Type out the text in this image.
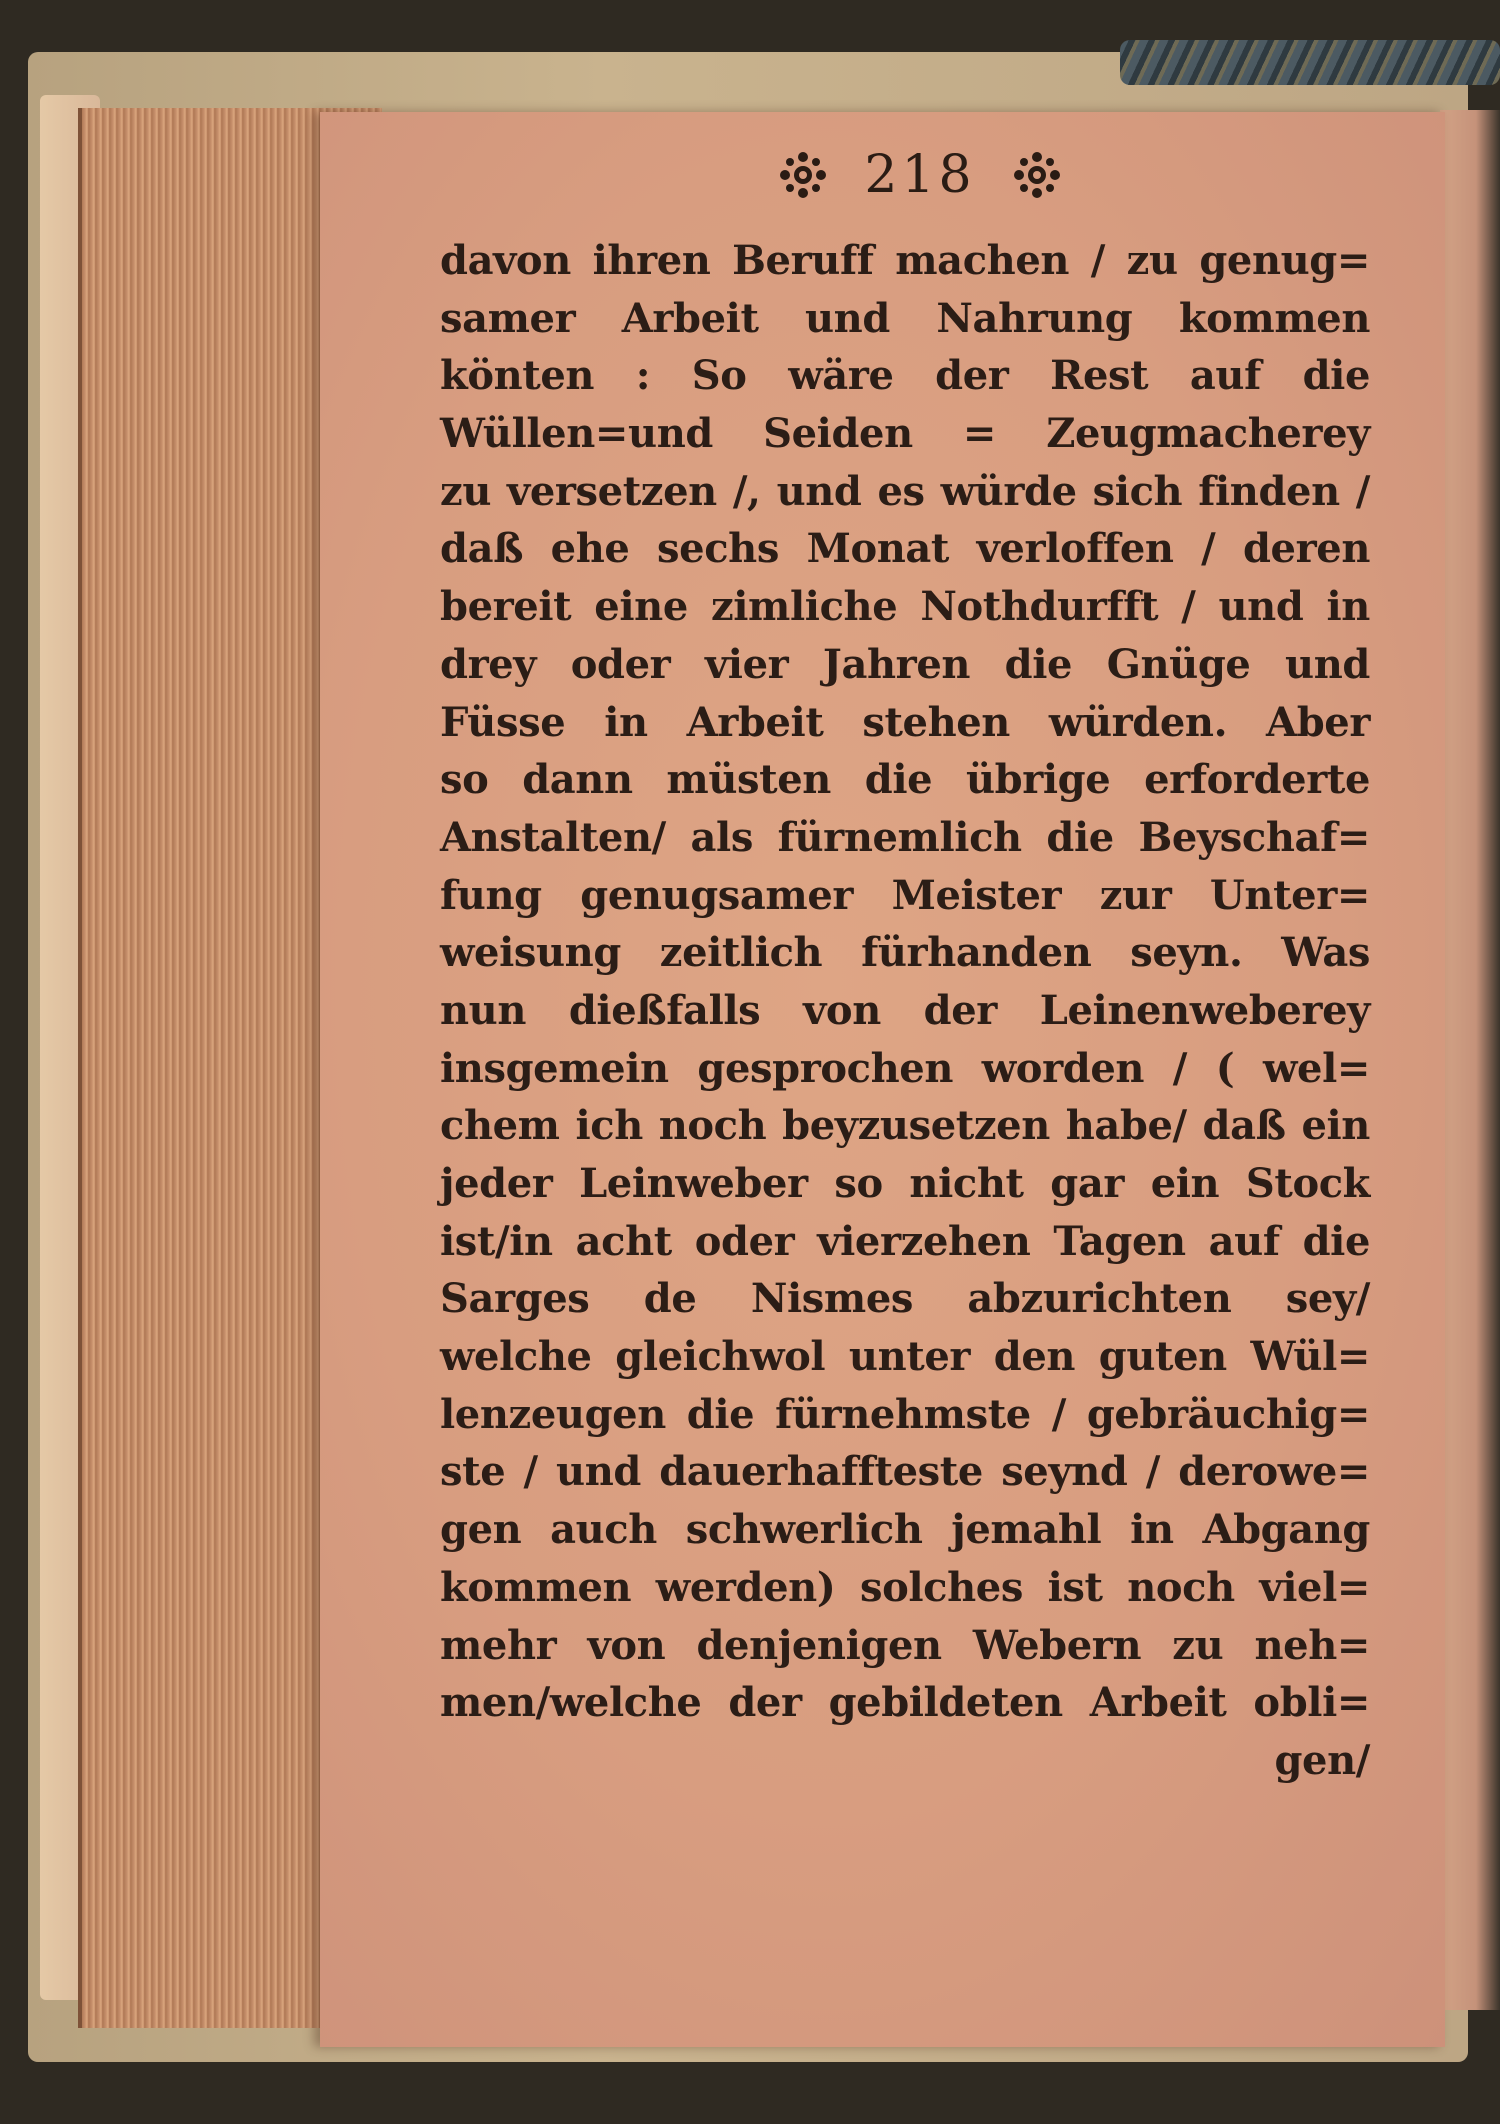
218
davon ihren Beruff machen / zu genug=
samer Arbeit und Nahrung kommen
könten : So wäre der Rest auf die
Wüllen=und Seiden = Zeugmacherey
zu versetzen /, und es würde sich finden /
daß ehe sechs Monat verloffen / deren
bereit eine zimliche Nothdurfft / und in
drey oder vier Jahren die Gnüge und
Füsse in Arbeit stehen würden. Aber
so dann müsten die übrige erforderte
Anstalten/ als fürnemlich die Beyschaf=
fung genugsamer Meister zur Unter=
weisung zeitlich fürhanden seyn. Was
nun dießfalls von der Leinenweberey
insgemein gesprochen worden / ( wel=
chem ich noch beyzusetzen habe/ daß ein
jeder Leinweber so nicht gar ein Stock
ist/in acht oder vierzehen Tagen auf die
Sarges de Nismes abzurichten sey/
welche gleichwol unter den guten Wül=
lenzeugen die fürnehmste / gebräuchig=
ste / und dauerhaffteste seynd / derowe=
gen auch schwerlich jemahl in Abgang
kommen werden) solches ist noch viel=
mehr von denjenigen Webern zu neh=
men/welche der gebildeten Arbeit obli=
gen/
